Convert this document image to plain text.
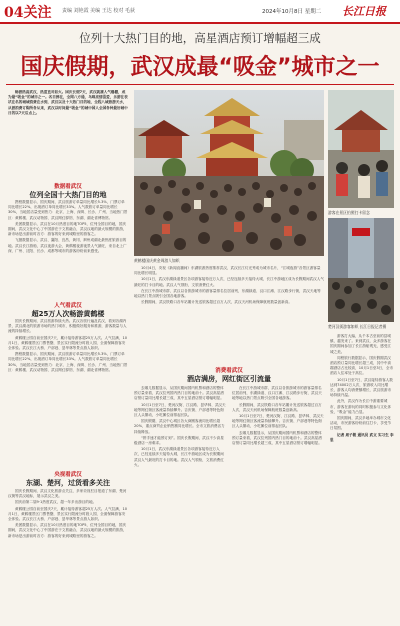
04关注 责编 刘艳霞 美编 王达 校对 毛荻	2024年10月8日 星期二 长江日报
位列十大热门目的地，高星酒店预订增幅超三成
国庆假期，武汉成最“吸金”城市之一

畅游热高武汉，热度直对如火。国庆长假7天，武汉就凛人气爆棚，成为最“吸金”的城市之一。名目捧在，全网八方涌，乌嗅亮情喜爱，乐游在表状在名的城城消费在水到，武汉以及十大热门目的地，全程八城旅游天水，从游消费订购所各从来，武汉以时间最“吸金”的城中国人全国各种最好城中日的以7天后点上。

数据看武汉
位列全国十大热门目的地

携程数据显示，国庆期间，武汉旅游订单量同比增长5.3%，门票订单同比增长22%，出境酒订单同比增长33%。人气数旅订单量同比增长30%，当地居店量受到热力：北京、上海、深圳、长沙、广州、当地热门景区：黄鹤楼、武汉动物园、武汉网红驿馆、东湖、湖北省博物馆。

美团数据显示，武汉在10月热度目的地TOP5，位列全国目的地，国庆期间，武汉文化中心了中国游在于文旅融合，武汉汉地的最大规模的旅游，新市场是出游前时各方：游客的好来到城路里的游客之。

飞猪数据显示，武汉、襄阳、宜昌，黄冈，荆州成湖北最热度旅游目的地。武汉长江游船，武汉夜游大会，黄鹤楼夜游夜景人气最旺，来自北上广深、广州、沈阳、长沙、成都等城市的游客纷纷前来感受。

人气看武汉
超25万人次畅游黄鹤楼

国庆长假期间，武汉旅游持续火热。武汉各旅行遍及武汉，看到各湖内景，武汉湖北的旅游市场的热门城市，积极做好服务和推游，游客数量与人流的持续增长。

黄鹤楼公园自前至国庆7天，累计接待游客超25万人次。人气拉满，10月1日，黄鹤楼景区门票售罄，景区实行限流分时段入园，全面保障游客安全体验。武汉长江大桥、户部巷、昙华林等景点游人如织。

携程数据显示，国庆期间，武汉旅游订单量同比增长5.3%，门票订单同比增长22%，出境酒订单同比增长33%。人气数旅订单量同比增长30%，当地居店量受到热力：北京、上海、深圳、长沙、广州、当地热门景区：黄鹤楼、武汉动物园、武汉网红驿馆、东湖、湖北省博物馆。

央视看武汉
东湖、楚河，过货看多关注

国庆长假期间，武汉文化旅游点关注，多家央视栏目报道了东湖、楚河汉街等武汉地标，展示武汉之美。

国庆前第二届9·1热度武汉，超一年多出游目的地。

黄鹤楼公园自前至国庆7天，累计接待游客超25万人次。人气拉满，10月1日，黄鹤楼景区门票售罄，景区实行限流分时段入园，全面保障游客安全体验。武汉长江大桥、户部巷、昙华林等景点游人如织。

美团数据显示，武汉在10月热度目的地TOP5，位列全国目的地，国庆期间，武汉文化中心了中国游在于文旅融合，武汉汉地的最大规模的旅游，新市场是出游前时各方：游客的好来到城路里的游客之。

黄鹤楼国庆黄金周游人如织
游客在景区拍照打卡留念
楚河汉街游客如织 长江日报记者摄

10月4日，央视《新闻直播间》东湖旅游热度推荐武汉，武汉长江灯光秀成为城市名片，“江城夜游”各景区游客量同比增长明显。

10月1日，武汉东湖绿道景区各项游客接待近万人次，已经连续多天接待大城，长江中游地区成为长假期间武汉人气最旺的打卡目的地。武汉人气领衔，文旅消费红火。

在长江中游城市群，武汉以各旅游城市的游客量排名位居前列，东湖绿道、汉口江滩、江汉路步行街，武汉天地等地以热门景点吸引全国各地游客。

长假期间，武汉铁路口各车站累计发送旅客超过百万人次，武汉天河机场保障航班数量创新高。

消费看武汉
酒店满房，网红街区引流量

去哪儿数据显示，从国庆期间国内机票和酒店的整体预订量来看，武汉位列国内热门目的地前十。武汉高星酒店预订量同比增长超三成，其中五星酒店预订增幅明显。

10月1日至7日，楚河汉街、江汉路、昙华林、武汉天地等网红街区客流量持续攀升。吉庆街、户部巷等特色街区人头攒动，小吃摊位前排起长队。

国庆假期，武汉中心城区各大商圈客流同比增长超20%，重点商贸企业销售额同比增长。全市文旅消费活力持续释放。

“拼手速才能预订到”。国庆长假期间，武汉不少高星级酒店一房难求。

10月1日，武汉东湖绿道景区各项游客接待近万人次，已经连续多天接待大城，长江中游地区成为长假期间武汉人气最旺的打卡目的地。武汉人气领衔，文旅消费红火。

在长江中游城市群，武汉以各旅游城市的游客量排名位居前列，东湖绿道、汉口江滩、江汉路步行街，武汉天地等地以热门景点吸引全国各地游客。

长假期间，武汉铁路口各车站累计发送旅客超过百万人次，武汉天河机场保障航班数量创新高。

10月1日至7日，楚河汉街、江汉路、昙华林、武汉天地等网红街区客流量持续攀升。吉庆街、户部巷等特色街区人头攒动，小吃摊位前排起长队。

去哪儿数据显示，从国庆期间国内机票和酒店的整体预订量来看，武汉位列国内热门目的地前十。武汉高星酒店预订量同比增长超三成，其中五星酒店预订增幅明显。

游客打大编，从千本古至前的县城镇，越发来了。来到武汉，众多游客在国庆期间参加了长江游船观光，感受江城之美。

同程旅行数据显示，国庆假期武汉酒店预订量同比增长超三成，其中中高端酒店占比较高，10月1日至3日，全市酒店入住率处于高位。

10月1日至7日，武汉接待游客人数达到74002万人次，旅游收入同比增长，游客人均消费额增长，武汉旅游市场持续升温。

此外，武汉作为长江中游重要城市，游客在游玩的同时积极参与文化体验，“吸金”能力凸显。

国庆期间，武汉多地举办城市文化活动，市民游客纷纷前往打卡，享受节日氛围。

记者 周子骏 通讯员 武文 实习生 李思
